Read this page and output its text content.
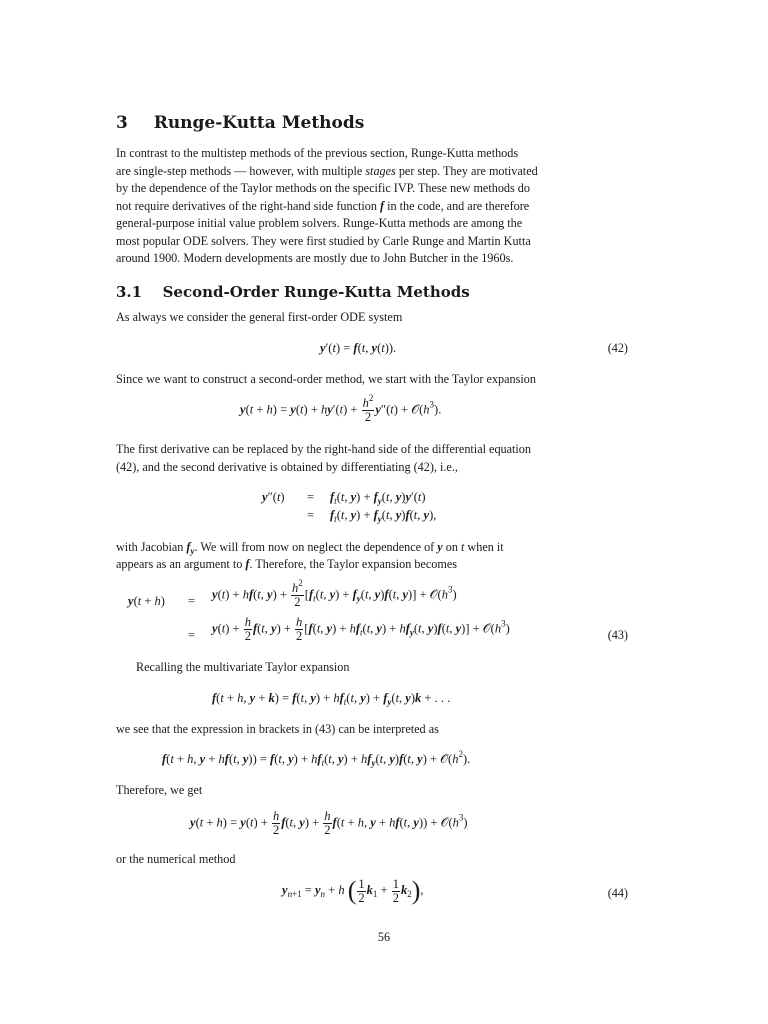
3 Runge-Kutta Methods
In contrast to the multistep methods of the previous section, Runge-Kutta methods
are single-step methods — however, with multiple stages per step. They are motivated
by the dependence of the Taylor methods on the specific IVP. These new methods do
not require derivatives of the right-hand side function f in the code, and are therefore
general-purpose initial value problem solvers. Runge-Kutta methods are among the
most popular ODE solvers. They were first studied by Carle Runge and Martin Kutta
around 1900. Modern developments are mostly due to John Butcher in the 1960s.
3.1 Second-Order Runge-Kutta Methods
As always we consider the general first-order ODE system
y′(t) = f(t, y(t)).	(42)
Since we want to construct a second-order method, we start with the Taylor expansion
$y(t + h) = y(t) + hy'(t) + \frac{h^2}{2} y''(t)$ + $𝒪(h^3)$.
The first derivative can be replaced by the right-hand side of the differential equation
(42), and the second derivative is obtained by differentiating (42), i.e.,
$y''(t) = f_t(t$, $y) + f_y(t$, y)y′(t)
= $f_t(t$, $y) + f_y(t$, y)f(t, y),
with Jacobian $f_y$. We will from now on neglect the dependence of y on t when it
appears as an argument to f. Therefore, the Taylor expansion becomes
y(t + h) = y(t) + hf(t, $y) + \frac{h^2}{2} [f_t(t$, $y) + f_y(t$, y)f(t, $y)] + 𝒪(h^3)$
= $y(t) + \frac{h}{2} f(t$, $y) + \frac{h}{2} [f(t$, $y) + hf_t(t$, $y) + hf_y(t$, y)f(t, $y)] + 𝒪(h^3)$	(43)
Recalling the multivariate Taylor expansion
f(t + h, y + k) = f(t, $y) + hf_t(t$, $y) + f_y(t$, y)k + . . .
we see that the expression in brackets in (43) can be interpreted as
f(t + h, y + hf(t, y)) = f(t, $y) + hf_t(t$, $y) + hf_y(t$, y)f(t, $y) + 𝒪(h^2)$.
Therefore, we get
$y(t + h) = y(t) + \frac{h}{2} f(t$, $y) + \frac{h}{2} f(t + h$, y + hf(t, $y)) + 𝒪(h^3)$
or the numerical method
$y_{n+1} = y_n + h$ ( $\frac{1}{2} k_1 + \frac{1}{2} k_2$),	(44)
56
